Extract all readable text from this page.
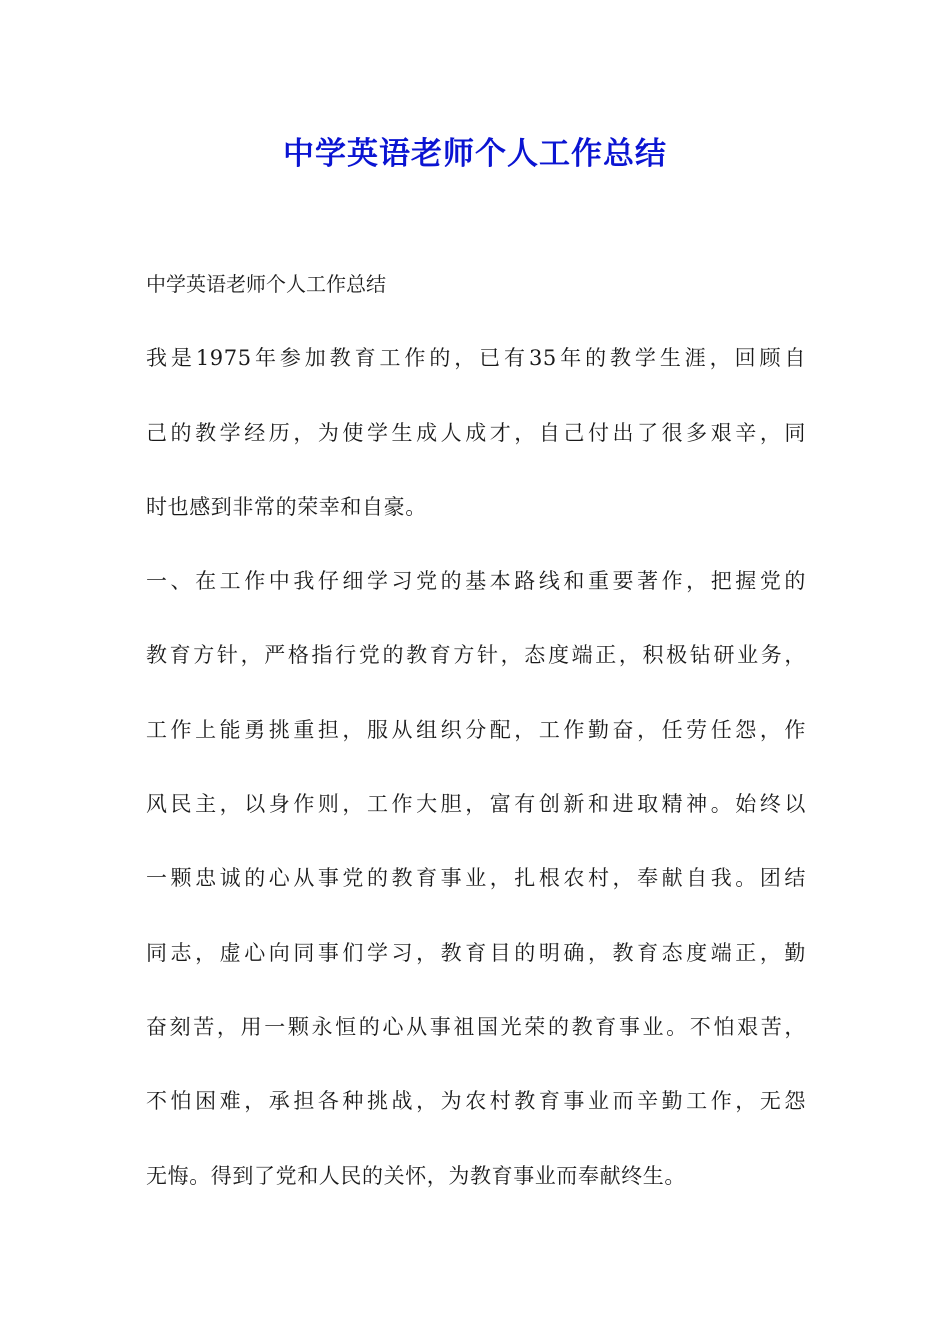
中学英语老师个人工作总结
中学英语老师个人工作总结
我是1975年参加教育工作的，已有35年的教学生涯，回顾自
己的教学经历，为使学生成人成才，自己付出了很多艰辛，同
时也感到非常的荣幸和自豪。
一、在工作中我仔细学习党的基本路线和重要著作，把握党的
教育方针，严格指行党的教育方针，态度端正，积极钻研业务，
工作上能勇挑重担，服从组织分配，工作勤奋，任劳任怨，作
风民主，以身作则，工作大胆，富有创新和进取精神。始终以
一颗忠诚的心从事党的教育事业，扎根农村，奉献自我。团结
同志，虚心向同事们学习，教育目的明确，教育态度端正，勤
奋刻苦，用一颗永恒的心从事祖国光荣的教育事业。不怕艰苦，
不怕困难，承担各种挑战，为农村教育事业而辛勤工作，无怨
无悔。得到了党和人民的关怀，为教育事业而奉献终生。
